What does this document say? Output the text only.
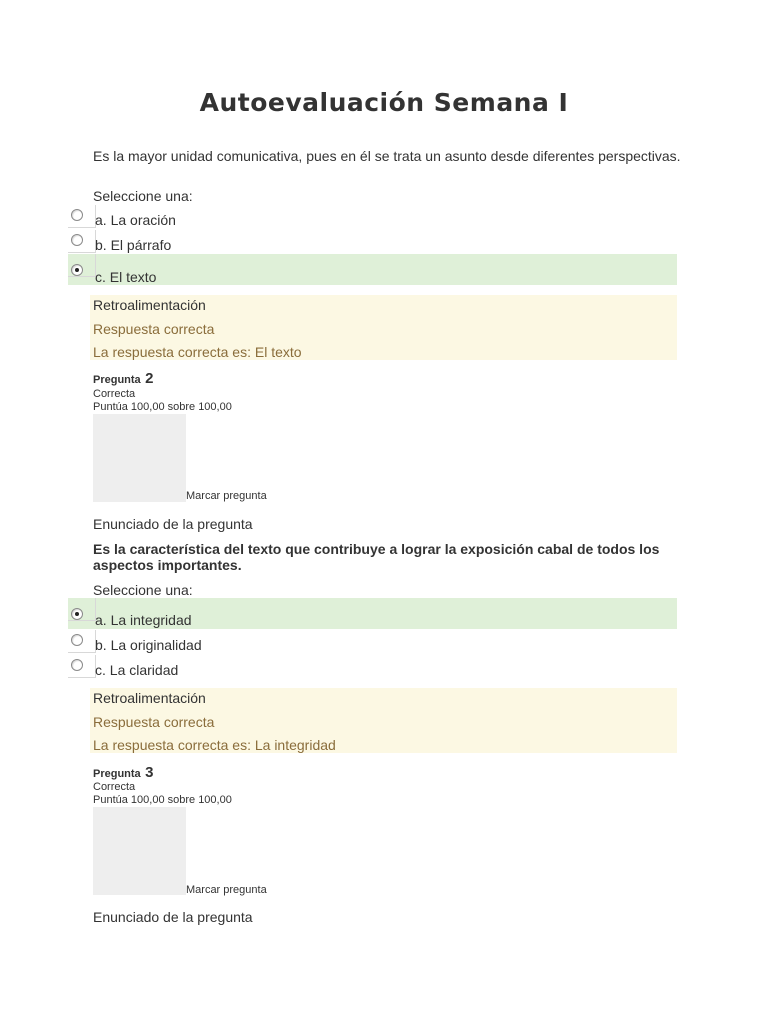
Autoevaluación Semana I
Es la mayor unidad comunicativa, pues en él se trata un asunto desde diferentes perspectivas.
Seleccione una:
a. La oración
b. El párrafo
c. El texto
Retroalimentación
Respuesta correcta
La respuesta correcta es: El texto
Pregunta 2
Correcta
Puntúa 100,00 sobre 100,00
Marcar pregunta
Enunciado de la pregunta
Es la característica del texto que contribuye a lograr la exposición cabal de todos los aspectos importantes.
Seleccione una:
a. La integridad
b. La originalidad
c. La claridad
Retroalimentación
Respuesta correcta
La respuesta correcta es: La integridad
Pregunta 3
Correcta
Puntúa 100,00 sobre 100,00
Marcar pregunta
Enunciado de la pregunta
